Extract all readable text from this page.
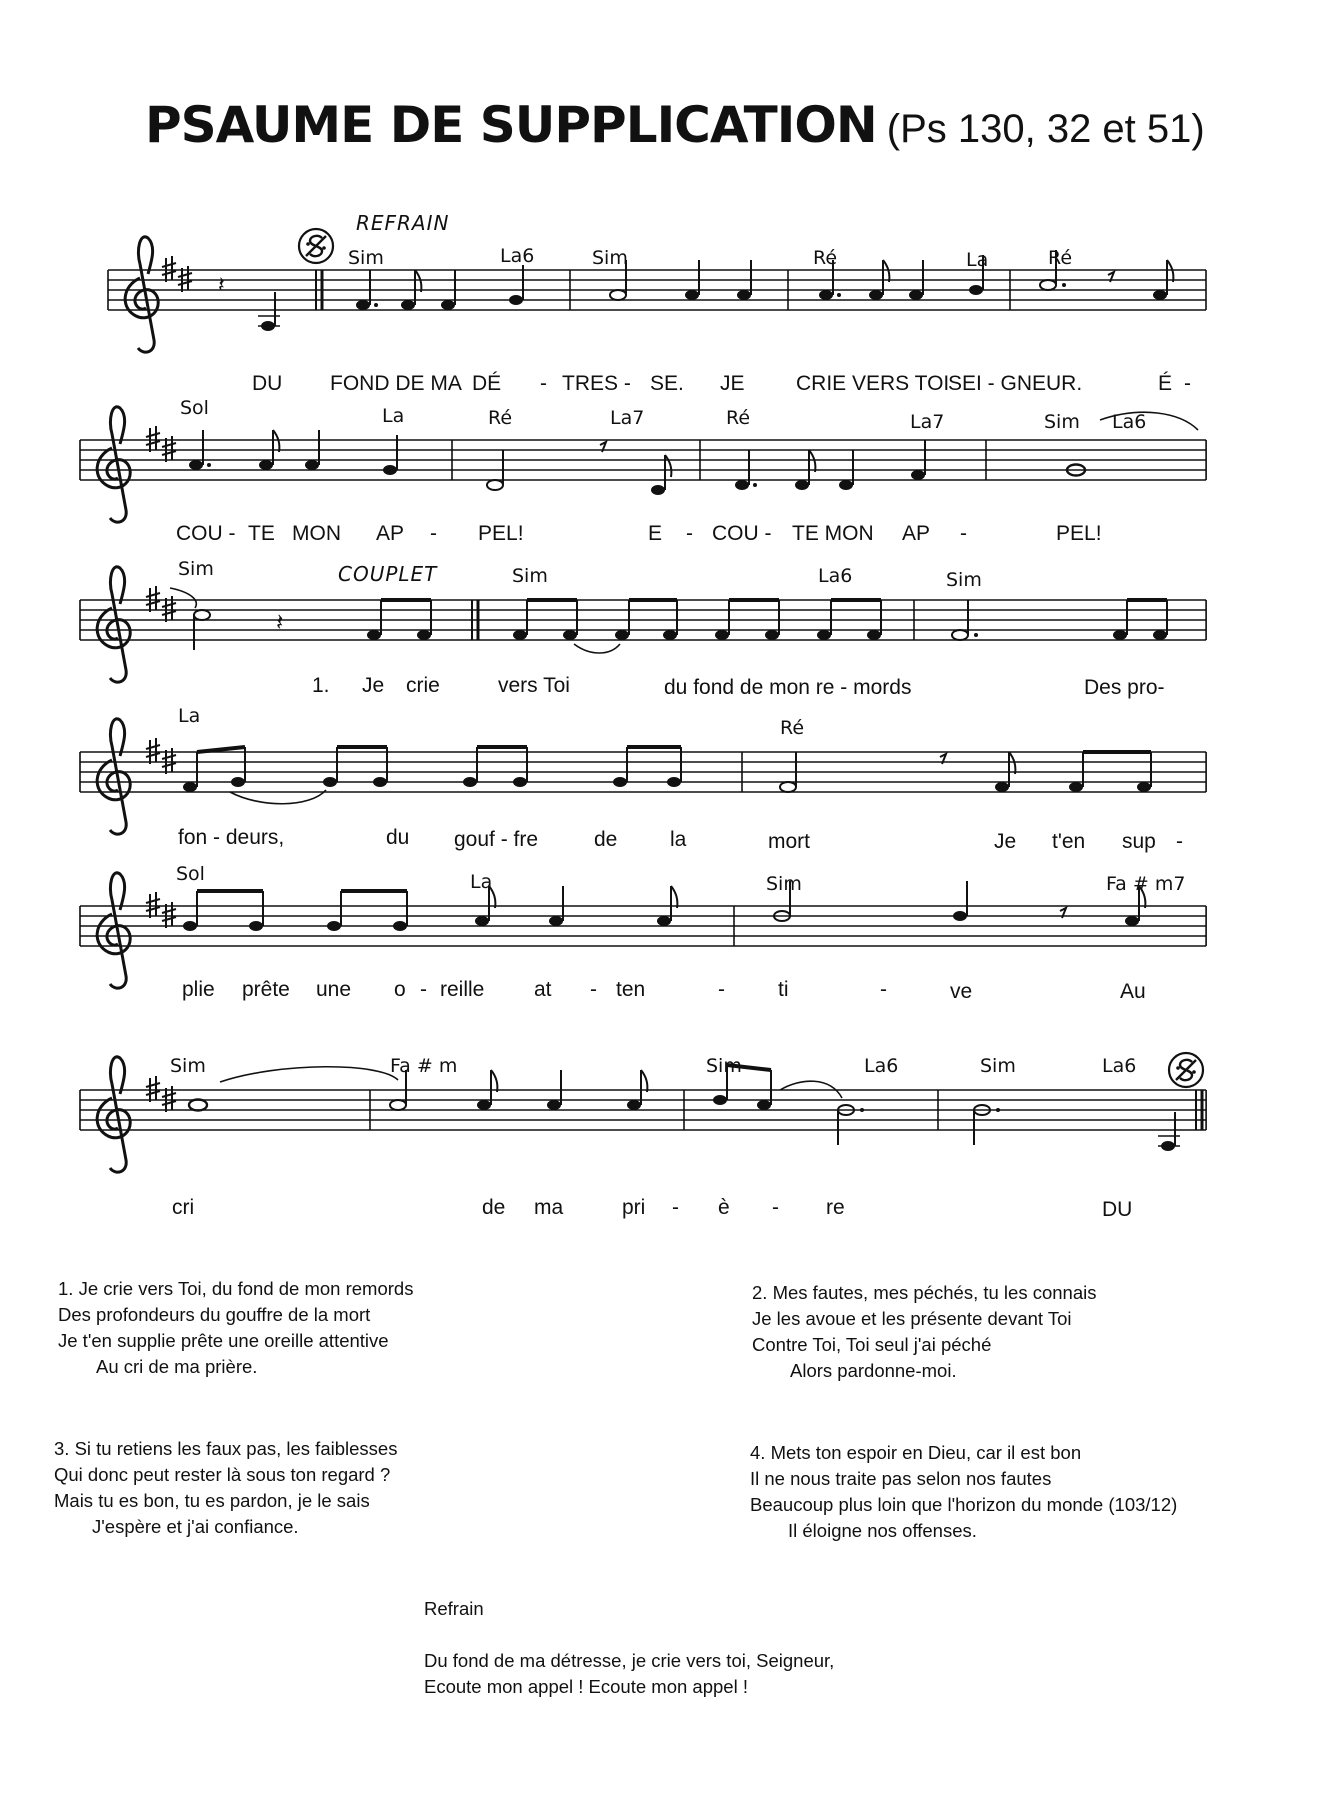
PSAUME DE SUPPLICATION (Ps 130, 32 et 51)
REFRAIN
COUPLET
𝄽
Sim	La6	Sim	Ré	La	Ré
DU FOND DE MA DÉ - TRES - SE. JE CRIE VERS TOI
SEI - GNEUR.	É -
Sol	La	Ré	La7	Ré	La7	Sim La6
COU - TE MON AP - PEL!	E - COU - TE MON AP -	PEL!
𝄽
Sim	Sim	La6	Sim
1. Je crie	vers Toi	du fond de mon re - mords	Des pro-
La
Ré
fon - deurs,	du gouf - fre	de	la	mort	Je t'en sup -
Sol	La	Sim	Fa # m7
plie prête une o - reille at - ten	-	ti	-	ve	Au
Sim	Fa # m	Sim	La6	Sim	La6
cri	de ma	pri - è - re	DU
1. Je crie vers Toi, du fond de mon remords
Des profondeurs du gouffre de la mort
Je t'en supplie prête une oreille attentive
Au cri de ma prière.
2. Mes fautes, mes péchés, tu les connais
Je les avoue et les présente devant Toi
Contre Toi, Toi seul j'ai péché
Alors pardonne-moi.
3. Si tu retiens les faux pas, les faiblesses
Qui donc peut rester là sous ton regard ?
Mais tu es bon, tu es pardon, je le sais
J'espère et j'ai confiance.
4. Mets ton espoir en Dieu, car il est bon
Il ne nous traite pas selon nos fautes
Beaucoup plus loin que l'horizon du monde (103/12)
Il éloigne nos offenses.
Refrain
Du fond de ma détresse, je crie vers toi, Seigneur,
Ecoute mon appel ! Ecoute mon appel !
